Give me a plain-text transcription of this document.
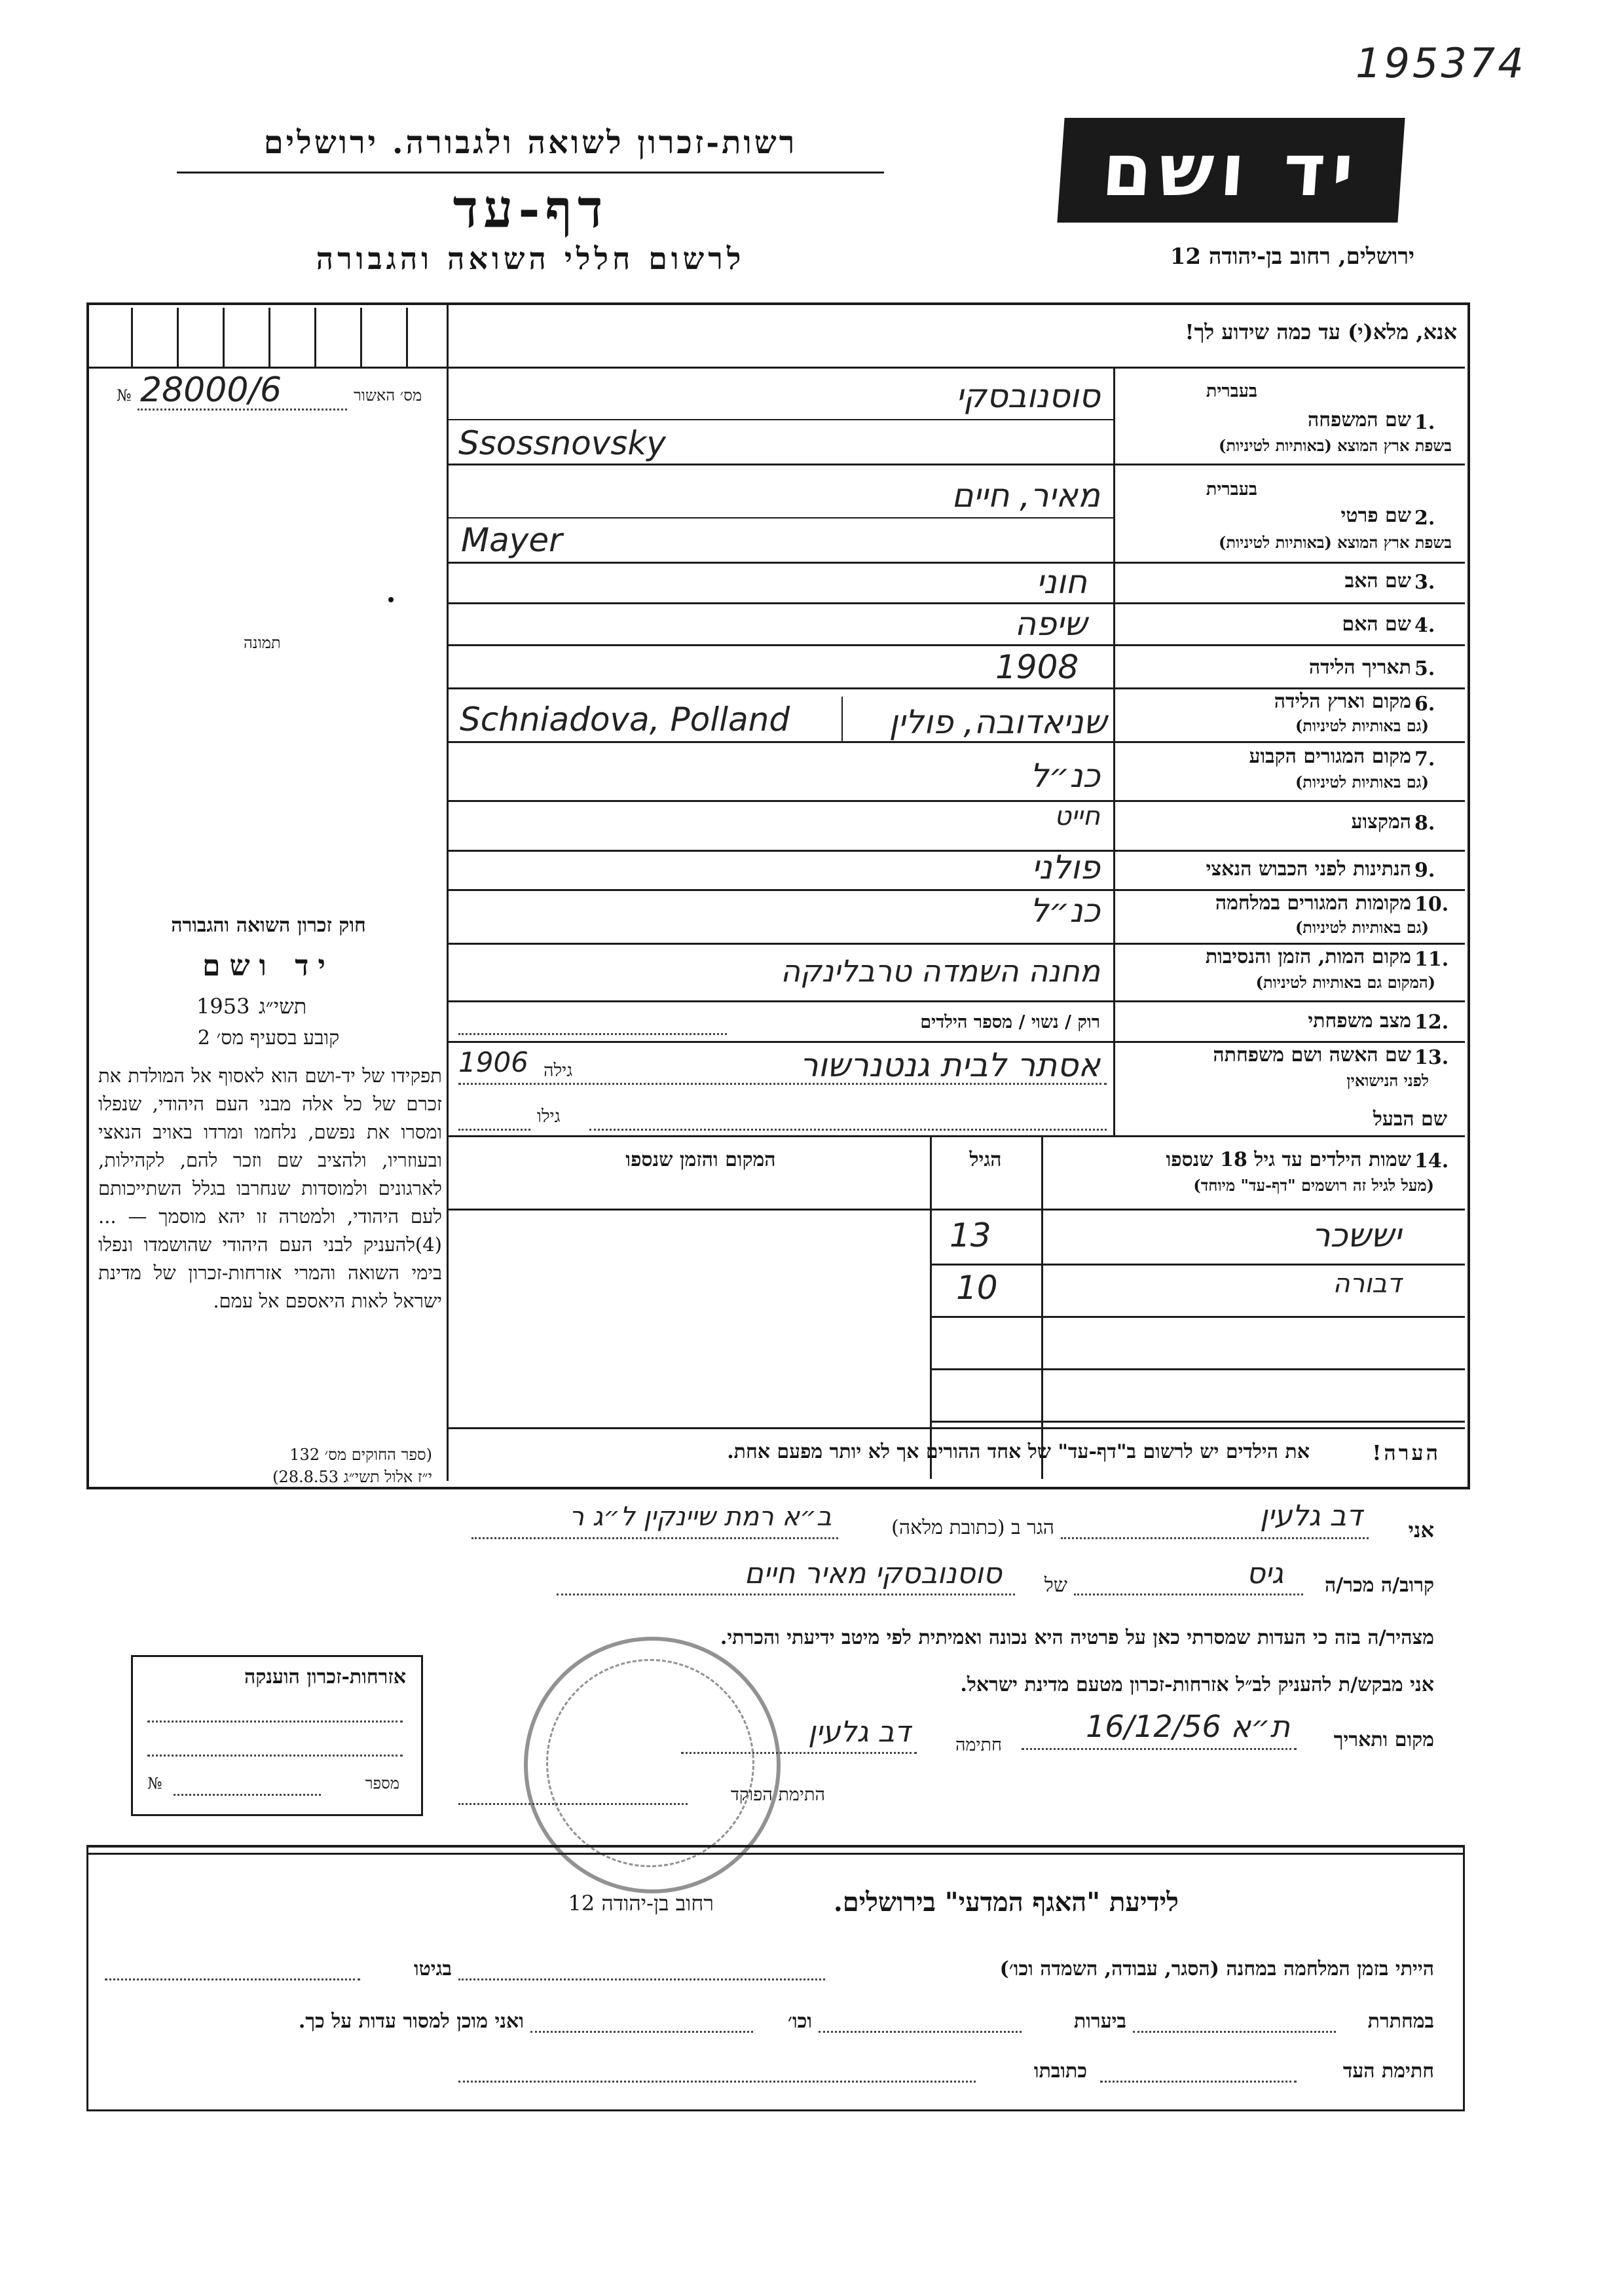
195374
רשות-זכרון לשואה ולגבורה. ירושלים
דף-עד
לרשום חללי השואה והגבורה
יד ושם
ירושלים, רחוב בן-יהודה 12
אנא, מלא(י) עד כמה שידוע לך!
מס׳ האשור
№ 28000/6
תמונה
1.
שם המשפחה
בעברית
בשפת ארץ המוצא (באותיות לטיניות)
סוסנובסקי
Ssossnovsky
2.
שם פרטי
בעברית
בשפת ארץ המוצא (באותיות לטיניות)
מאיר, חיים
Mayer
3.
שם האב
חוני
4.
שם האם
שיפה
5.
תאריך הלידה
1908
6.
מקום וארץ הלידה
(גם באותיות לטיניות)
שניאדובה, פולין
Schniadova, Polland
7.
מקום המגורים הקבוע
(גם באותיות לטיניות)
כנ״ל
8.
המקצוע
חייט
9.
הנתינות לפני הכבוש הנאצי
פולני
10.
מקומות המגורים במלחמה
(גם באותיות לטיניות)
כנ״ל
11.
מקום המות, הזמן והנסיבות
(המקום גם באותיות לטיניות)
מחנה השמדה טרבלינקה
12.
מצב משפחתי
רוק / נשוי / מספר הילדים
13.
שם האשה ושם משפחתה
לפני הנישואין
גילה
1906	אסתר לבית גנטנרשור
שם הבעל
גילו
14.
שמות הילדים עד גיל 18 שנספו
(מעל לגיל זה רושמים "דף-עד" מיוחד)
הגיל
המקום והזמן שנספו
יששכר
13
דבורה
10
הערה!
את הילדים יש לרשום ב"דף-עד" של אחד ההורים אך לא יותר מפעם אחת.
חוק זכרון השואה והגבורה
יד ושם
תשי״ג
1953
קובע בסעיף מס׳ 2
תפקידו של יד-ושם הוא לאסוף אל המולדת את זכרם של כל אלה מבני העם היהודי, שנפלו ומסרו את נפשם, נלחמו ומרדו באויב הנאצי ובעוזריו, ולהציב שם וזכר להם, לקהילות, לארגונים ולמוסדות שנחרבו בגלל השתייכותם לעם היהודי, ולמטרה זו יהא מוסמך — ...(4)להעניק לבני העם היהודי שהושמדו ונפלו בימי השואה והמרי אזרחות-זכרון של מדינת ישראל לאות היאספם אל עמם.
(ספר החוקים מס׳ 132
י״ז אלול תשי״ג 28.8.53)
אני
דב גלעין
הגר ב (כתובת מלאה)
ב״א רמת שיינקין ל״ג ר
קרוב/ה מכר/ה
גיס
של
סוסנובסקי מאיר חיים
מצהיר/ה בזה כי העדות שמסרתי כאן על פרטיה היא נכונה ואמיתית לפי מיטב ידיעתי והכרתי.
אני מבקש/ת להעניק לב״ל אזרחות-זכרון מטעם מדינת ישראל.
מקום ותאריך
ת״א 16/12/56
חתימה
דב גלעין
התימת הפוקד
אזרחות-זכרון הוענקה
מספר
№
לידיעת "האגף המדעי" בירושלים.
רחוב בן-יהודה 12
הייתי בזמן המלחמה במחנה (הסגר, עבודה, השמדה וכו׳)
בגיטו
במחתרת
ביערות
וכו׳
ואני מוכן למסור עדות על כך.
חתימת העד
כתובתו
